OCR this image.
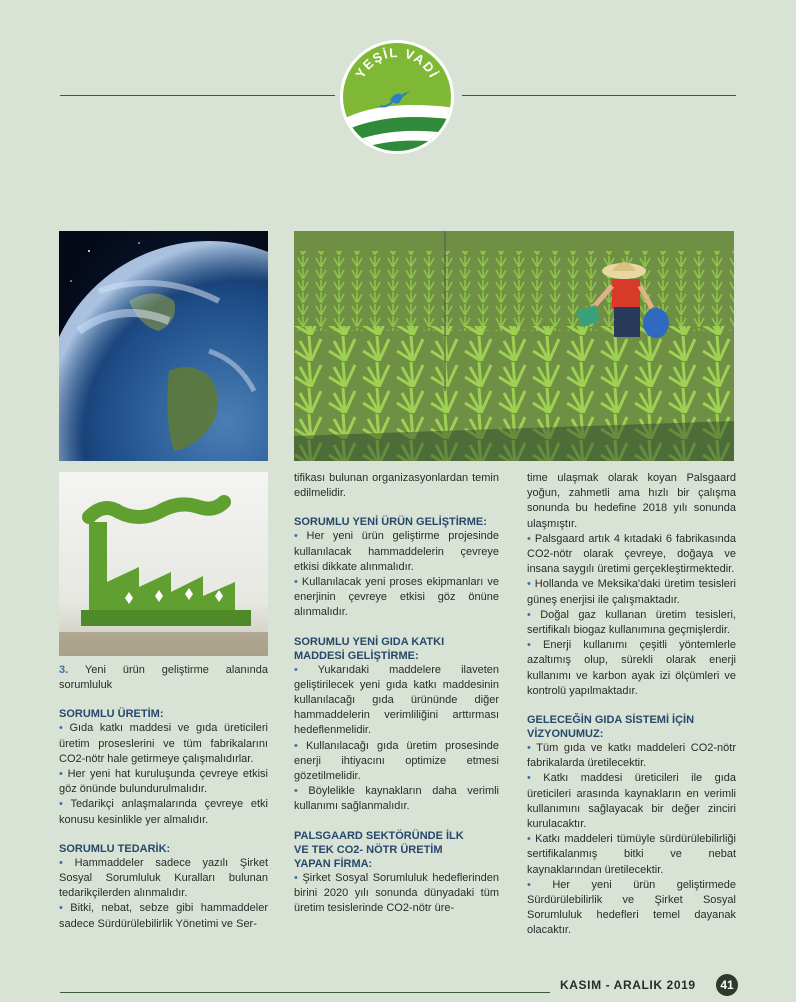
YEŞİL VADİ

3. Yeni ürün geliştirme alanında sorumluluk

SORUMLU ÜRETİM:

• Gıda katkı maddesi ve gıda üreticileri üretim proseslerini ve tüm fabrikalarını CO2-nötr hale getirmeye çalışmalıdırlar.

• Her yeni hat kuruluşunda çevreye etkisi göz önünde bulundurulmalıdır.

• Tedarikçi anlaşmalarında çevreye etki konusu kesinlikle yer almalıdır.

SORUMLU TEDARİK:

• Hammaddeler sadece yazılı Şirket Sosyal Sorumluluk Kuralları bulunan tedarikçilerden alınmalıdır.

• Bitki, nebat, sebze gibi hammaddeler sadece Sürdürülebilirlik Yönetimi ve Ser-

tifikası bulunan organizasyonlardan temin edilmelidir.

SORUMLU YENİ ÜRÜN GELİŞTİRME:

• Her yeni ürün geliştirme projesinde kullanılacak hammaddelerin çevreye etkisi dikkate alınmalıdır.

• Kullanılacak yeni proses ekipmanları ve enerjinin çevreye etkisi göz önüne alınmalıdır.

SORUMLU YENİ GIDA KATKI
MADDESİ GELİŞTİRME:

• Yukarıdaki maddelere ilaveten geliştirilecek yeni gıda katkı maddesinin kullanılacağı gıda ürününde diğer hammaddelerin verimliliğini arttırması hedeflenmelidir.

• Kullanılacağı gıda üretim prosesinde enerji ihtiyacını optimize etmesi gözetilmelidir.

• Böylelikle kaynakların daha verimli kullanımı sağlanmalıdır.

PALSGAARD SEKTÖRÜNDE İLK
VE TEK CO2- NÖTR ÜRETİM
YAPAN FİRMA:

• Şirket Sosyal Sorumluluk hedeflerinden birini 2020 yılı sonunda dünyadaki tüm üretim tesislerinde CO2-nötr üre-

time ulaşmak olarak koyan Palsgaard yoğun, zahmetli ama hızlı bir çalışma sonunda bu hedefine 2018 yılı sonunda ulaşmıştır.

• Palsgaard artık 4 kıtadaki 6 fabrikasında CO2-nötr olarak çevreye, doğaya ve insana saygılı üretimi gerçekleştirmektedir.

• Hollanda ve Meksika'daki üretim tesisleri güneş enerjisi ile çalışmaktadır.

• Doğal gaz kullanan üretim tesisleri, sertifikalı biogaz kullanımına geçmişlerdir.

• Enerji kullanımı çeşitli yöntemlerle azaltımış olup, sürekli olarak enerji kullanımı ve karbon ayak izi ölçümleri ve kontrolü yapılmaktadır.

GELECEĞİN GIDA SİSTEMİ İÇİN
VİZYONUMUZ:

• Tüm gıda ve katkı maddeleri CO2-nötr fabrikalarda üretilecektir.

• Katkı maddesi üreticileri ile gıda üreticileri arasında kaynakların en verimli kullanımını sağlayacak bir değer zinciri kurulacaktır.

• Katkı maddeleri tümüyle sürdürülebilirliği sertifikalanmış bitki ve nebat kaynaklarından üretilecektir.

• Her yeni ürün geliştirmede Sürdürülebilirlik ve Şirket Sosyal Sorumluluk hedefleri temel dayanak olacaktır.

KASIM - ARALIK 2019	41
